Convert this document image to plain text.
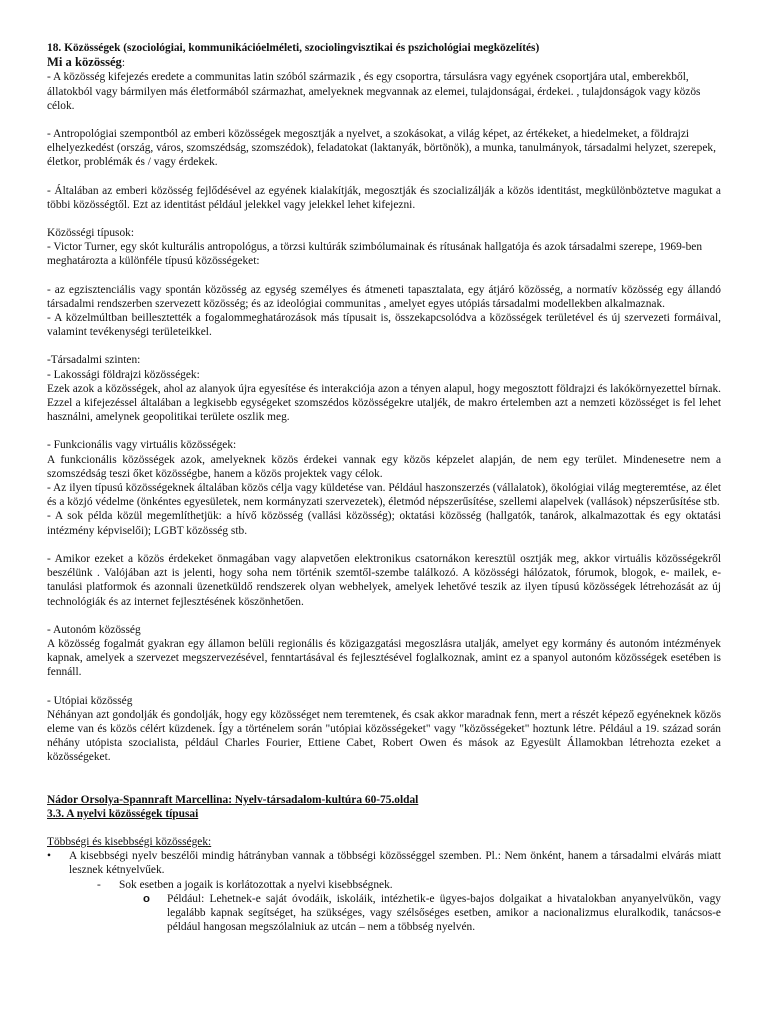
18. Közösségek (szociológiai, kommunikációelméleti, szociolingvisztikai és pszichológiai megközelítés)

Mi a közösség:

- A közösség kifejezés eredete a communitas latin szóból származik , és egy csoportra, társulásra vagy egyének csoportjára utal, emberekből, állatokból vagy bármilyen más életformából származhat, amelyeknek megvannak az elemei, tulajdonságai, érdekei. , tulajdonságok vagy közös célok.

- Antropológiai szempontból az emberi közösségek megosztják a nyelvet, a szokásokat, a világ képet, az értékeket, a hiedelmeket, a földrajzi elhelyezkedést (ország, város, szomszédság, szomszédok), feladatokat (laktanyák, börtönök), a munka, tanulmányok, társadalmi helyzet, szerepek, életkor, problémák és / vagy érdekek.

- Általában az emberi közösség fejlődésével az egyének kialakítják, megosztják és szocializálják a közös identitást, megkülönböztetve magukat a többi közösségtől. Ezt az identitást például jelekkel vagy jelekkel lehet kifejezni.

Közösségi típusok:

- Victor Turner, egy skót kulturális antropológus, a törzsi kultúrák szimbólumainak és rítusának hallgatója és azok társadalmi szerepe, 1969-ben meghatározta a különféle típusú közösségeket:

- az egzisztenciális vagy spontán közösség az egység személyes és átmeneti tapasztalata, egy átjáró közösség, a normatív közösség egy állandó társadalmi rendszerben szervezett közösség; és az ideológiai communitas , amelyet egyes utópiás társadalmi modellekben alkalmaznak.

- A közelmúltban beillesztették a fogalommeghatározások más típusait is, összekapcsolódva a közösségek területével és új szervezeti formáival, valamint tevékenységi területeikkel.

-Társadalmi szinten:

- Lakossági földrajzi közösségek:

Ezek azok a közösségek, ahol az alanyok újra egyesítése és interakciója azon a tényen alapul, hogy megosztott földrajzi és lakókörnyezettel bírnak. Ezzel a kifejezéssel általában a legkisebb egységeket szomszédos közösségekre utaljék, de makro értelemben azt a nemzeti közösséget is fel lehet használni, amelynek geopolitikai területe oszlik meg.

- Funkcionális vagy virtuális közösségek:

A funkcionális közösségek azok, amelyeknek közös érdekei vannak egy közös képzelet alapján, de nem egy terület. Mindenesetre nem a szomszédság teszi őket közösségbe, hanem a közös projektek vagy célok.

- Az ilyen típusú közösségeknek általában közös célja vagy küldetése van. Például haszonszerzés (vállalatok), ökológiai világ megteremtése, az élet és a közjó védelme (önkéntes egyesületek, nem kormányzati szervezetek), életmód népszerűsítése, szellemi alapelvek (vallások) népszerűsítése stb.

- A sok példa közül megemlíthetjük: a hívő közösség (vallási közösség); oktatási közösség (hallgatók, tanárok, alkalmazottak és egy oktatási intézmény képviselői); LGBT közösség stb.

- Amikor ezeket a közös érdekeket önmagában vagy alapvetően elektronikus csatornákon keresztül osztják meg, akkor virtuális közösségekről beszélünk . Valójában azt is jelenti, hogy soha nem történik szemtől-szembe találkozó. A közösségi hálózatok, fórumok, blogok, e- mailek, e-tanulási platformok és azonnali üzenetküldő rendszerek olyan webhelyek, amelyek lehetővé teszik az ilyen típusú közösségek létrehozását az új technológiák és az internet fejlesztésének köszönhetően.

- Autonóm közösség

A közösség fogalmát gyakran egy államon belüli regionális és közigazgatási megoszlásra utalják, amelyet egy kormány és autonóm intézmények kapnak, amelyek a szervezet megszervezésével, fenntartásával és fejlesztésével foglalkoznak, amint ez a spanyol autonóm közösségek esetében is fennáll.

- Utópiai közösség

Néhányan azt gondolják és gondolják, hogy egy közösséget nem teremtenek, és csak akkor maradnak fenn, mert a részét képező egyéneknek közös eleme van és közös célért küzdenek. Így a történelem során "utópiai közösségeket" vagy "közösségeket" hoztunk létre. Például a 19. század során néhány utópista szocialista, például Charles Fourier, Ettiene Cabet, Robert Owen és mások az Egyesült Államokban létrehozta ezeket a közösségeket.

Nádor Orsolya-Spannraft Marcellina: Nyelv-társadalom-kultúra 60-75.oldal

3.3. A nyelvi közösségek típusai

Többségi és kisebbségi közösségek:

•	A kisebbségi nyelv beszélői mindig hátrányban vannak a többségi közösséggel szemben. Pl.: Nem önként, hanem a társadalmi elvárás miatt lesznek kétnyelvűek.
-	Sok esetben a jogaik is korlátozottak a nyelvi kisebbségnek.
o	Például: Lehetnek-e saját óvodáik, iskoláik, intézhetik-e ügyes-bajos dolgaikat a hivatalokban anyanyelvükön, vagy legalább kapnak segítséget, ha szükséges, vagy szélsőséges esetben, amikor a nacionalizmus eluralkodik, tanácsos-e például hangosan megszólalniuk az utcán – nem a többség nyelvén.
